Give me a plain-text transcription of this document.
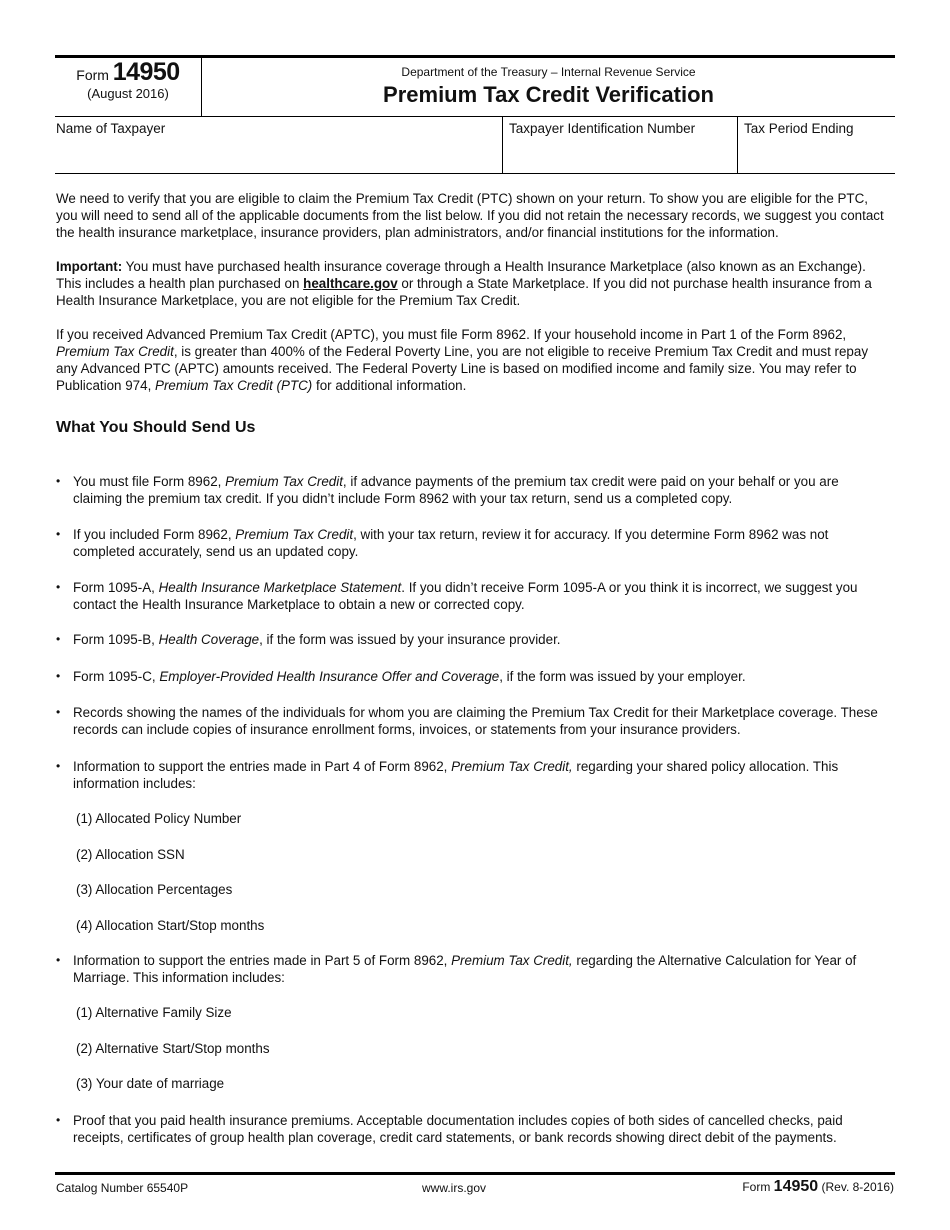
Form 14950
(August 2016)
Department of the Treasury – Internal Revenue Service
Premium Tax Credit Verification
Name of Taxpayer	Taxpayer Identification Number	Tax Period Ending

We need to verify that you are eligible to claim the Premium Tax Credit (PTC) shown on your return. To show you are eligible for the PTC, you will need to send all of the applicable documents from the list below. If you did not retain the necessary records, we suggest you contact the health insurance marketplace, insurance providers, plan administrators, and/or financial institutions for the information.

Important: You must have purchased health insurance coverage through a Health Insurance Marketplace (also known as an Exchange). This includes a health plan purchased on healthcare.gov or through a State Marketplace. If you did not purchase health insurance from a Health Insurance Marketplace, you are not eligible for the Premium Tax Credit.

If you received Advanced Premium Tax Credit (APTC), you must file Form 8962. If your household income in Part 1 of the Form 8962, Premium Tax Credit, is greater than 400% of the Federal Poverty Line, you are not eligible to receive Premium Tax Credit and must repay any Advanced PTC (APTC) amounts received. The Federal Poverty Line is based on modified income and family size. You may refer to Publication 974, Premium Tax Credit (PTC) for additional information.

What You Should Send Us
• You must file Form 8962, Premium Tax Credit, if advance payments of the premium tax credit were paid on your behalf or you are claiming the premium tax credit. If you didn’t include Form 8962 with your tax return, send us a completed copy.
• If you included Form 8962, Premium Tax Credit, with your tax return, review it for accuracy. If you determine Form 8962 was not completed accurately, send us an updated copy.
• Form 1095-A, Health Insurance Marketplace Statement. If you didn’t receive Form 1095-A or you think it is incorrect, we suggest you contact the Health Insurance Marketplace to obtain a new or corrected copy.
• Form 1095-B, Health Coverage, if the form was issued by your insurance provider.
• Form 1095-C, Employer-Provided Health Insurance Offer and Coverage, if the form was issued by your employer.
• Records showing the names of the individuals for whom you are claiming the Premium Tax Credit for their Marketplace coverage. These records can include copies of insurance enrollment forms, invoices, or statements from your insurance providers.
• Information to support the entries made in Part 4 of Form 8962, Premium Tax Credit, regarding your shared policy allocation. This information includes:
• Information to support the entries made in Part 5 of Form 8962, Premium Tax Credit, regarding the Alternative Calculation for Year of Marriage. This information includes:
• Proof that you paid health insurance premiums. Acceptable documentation includes copies of both sides of cancelled checks, paid receipts, certificates of group health plan coverage, credit card statements, or bank records showing direct debit of the payments.
(1) Allocated Policy Number
(2) Allocation SSN
(3) Allocation Percentages
(4) Allocation Start/Stop months
(1) Alternative Family Size
(2) Alternative Start/Stop months
(3) Your date of marriage
Catalog Number 65540P	www.irs.gov	Form 14950 (Rev. 8-2016)
